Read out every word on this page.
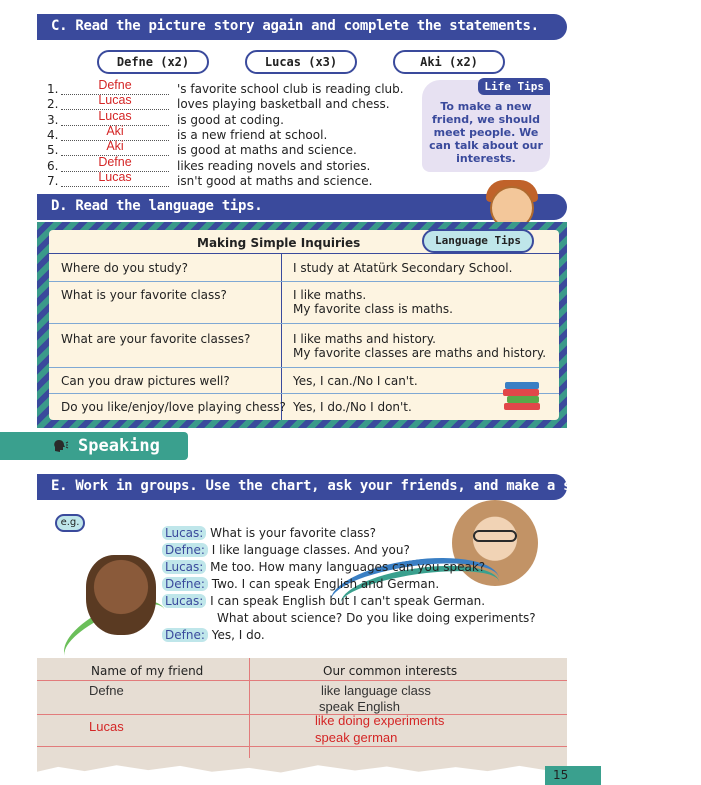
C. Read the picture story again and complete the statements.
Defne (x2)	Lucas (x3)	Aki (x2)
1.	Defne	's favorite school club is reading club.
2.	Lucas	loves playing basketball and chess.
3.	Lucas	is good at coding.
4.	Aki	is a new friend at school.
5.	Aki	is good at maths and science.
6.	Defne	likes reading novels and stories.
7.	Lucas	isn't good at maths and science.
Life Tips
To make a new friend, we should meet people. We can talk about our interests.
D. Read the language tips.
Making Simple Inquiries
Where do you study?	I study at Atatürk Secondary School.
What is your favorite class?	I like maths.
My favorite class is maths.
What are your favorite classes?	I like maths and history.
My favorite classes are maths and history.
Can you draw pictures well?	Yes, I can./No I can't.
Do you like/enjoy/love playing chess? Yes, I do./No I don't.
Language Tips
Speaking
E. Work in groups. Use the chart, ask your friends, and make a similar dialogue.
e.g.
Lucas: What is your favorite class?
Defne: I like language classes. And you?
Lucas: Me too. How many languages can you speak?
Defne: Two. I can speak English and German.
Lucas: I can speak English but I can't speak German.
What about science? Do you like doing experiments?
Defne: Yes, I do.
Name of my friend	Our common interests
Defne	like language class
speak English
Lucas	like doing experiments
speak german
15
